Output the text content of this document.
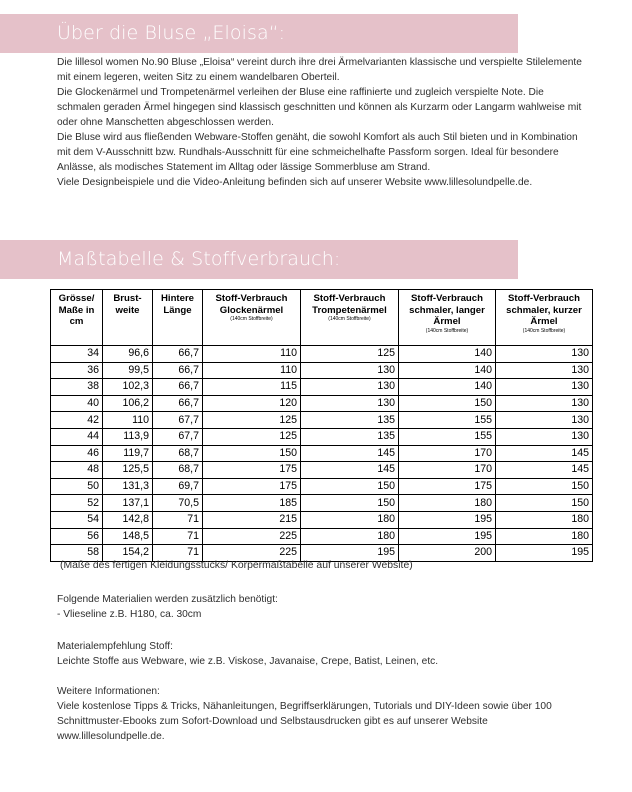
Über die Bluse „Eloisa“:

Die lillesol women No.90 Bluse „Eloisa“ vereint durch ihre drei Ärmelvarianten klassische und verspielte Stilelemente mit einem legeren, weiten Sitz zu einem wandelbaren Oberteil.

Die Glockenärmel und Trompetenärmel verleihen der Bluse eine raffinierte und zugleich verspielte Note. Die schmalen geraden Ärmel hingegen sind klassisch geschnitten und können als Kurzarm oder Langarm wahlweise mit oder ohne Manschetten abgeschlossen werden.

Die Bluse wird aus fließenden Webware-Stoffen genäht, die sowohl Komfort als auch Stil bieten und in Kombination mit dem V-Ausschnitt bzw. Rundhals-Ausschnitt für eine schmeichelhafte Passform sorgen. Ideal für besondere Anlässe, als modisches Statement im Alltag oder lässige Sommerbluse am Strand.

Viele Designbeispiele und die Video-Anleitung befinden sich auf unserer Website www.lillesolundpelle.de.

Maßtabelle & Stoffverbrauch:
Grösse/
Maße in
cm	Brust-
weite	Hintere
Länge	Stoff-Verbrauch
Glockenärmel
(140cm Stoffbreite)	Stoff-Verbrauch
Trompetenärmel
(140cm Stoffbreite)	Stoff-Verbrauch
schmaler, langer
Ärmel
(140cm Stoffbreite)	Stoff-Verbrauch
schmaler, kurzer
Ärmel
(140cm Stoffbreite)

34	96,6	66,7	110	125	140	130
36	99,5	66,7	110	130	140	130
38	102,3	66,7	115	130	140	130
40	106,2	66,7	120	130	150	130
42	110	67,7	125	135	155	130
44	113,9	67,7	125	135	155	130
46	119,7	68,7	150	145	170	145
48	125,5	68,7	175	145	170	145
50	131,3	69,7	175	150	175	150
52	137,1	70,5	185	150	180	150
54	142,8	71	215	180	195	180
56	148,5	71	225	180	195	180
58	154,2	71	225	195	200	195
(Maße des fertigen Kleidungsstücks/ Körpermaßtabelle auf unserer Website)

Folgende Materialien werden zusätzlich benötigt:

- Vlieseline z.B. H180, ca. 30cm

Materialempfehlung Stoff:

Leichte Stoffe aus Webware, wie z.B. Viskose, Javanaise, Crepe, Batist, Leinen, etc.

Weitere Informationen:

Viele kostenlose Tipps & Tricks, Nähanleitungen, Begriffserklärungen, Tutorials und DIY-Ideen sowie über 100 Schnittmuster-Ebooks zum Sofort-Download und Selbstausdrucken gibt es auf unserer Website www.lillesolundpelle.de.
